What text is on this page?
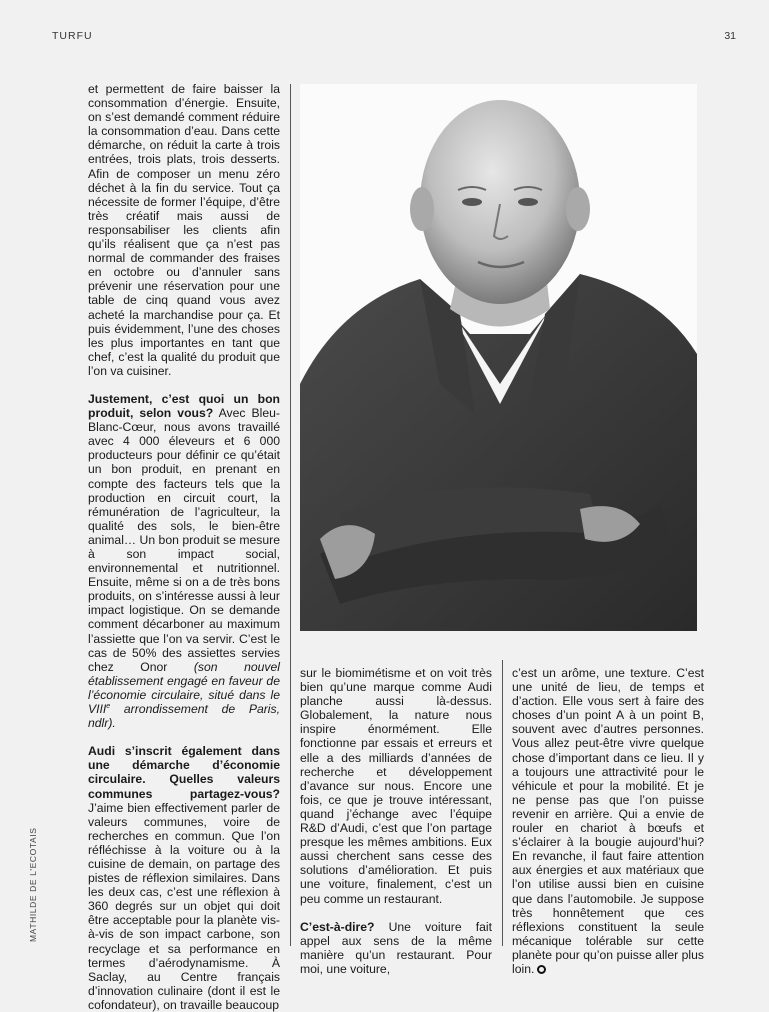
TURFU	31
MATHILDE DE L'ECOTAIS

et permettent de faire baisser la consommation d’énergie. Ensuite, on s’est demandé comment réduire la consommation d’eau. Dans cette démarche, on réduit la carte à trois entrées, trois plats, trois desserts. Afin de composer un menu zéro déchet à la fin du service. Tout ça nécessite de former l’équipe, d’être très créatif mais aussi de responsabiliser les clients afin qu’ils réalisent que ça n’est pas normal de commander des fraises en octobre ou d’annuler sans prévenir une réservation pour une table de cinq quand vous avez acheté la marchandise pour ça. Et puis évidemment, l’une des choses les plus importantes en tant que chef, c’est la qualité du produit que l’on va cuisiner.

Justement, c’est quoi un bon produit, selon vous? Avec Bleu-Blanc-Cœur, nous avons travaillé avec 4 000 éleveurs et 6 000 producteurs pour définir ce qu’était un bon produit, en prenant en compte des facteurs tels que la production en circuit court, la rémunération de l’agriculteur, la qualité des sols, le bien-être animal… Un bon produit se mesure à son impact social, environnemental et nutritionnel. Ensuite, même si on a de très bons produits, on s’intéresse aussi à leur impact logistique. On se demande comment décarboner au maximum l’assiette que l’on va servir. C’est le cas de 50% des assiettes servies chez Onor (son nouvel établissement engagé en faveur de l’économie circulaire, situé dans le VIIIe arrondissement de Paris, ndlr).

Audi s’inscrit également dans une démarche d’économie circulaire. Quelles valeurs communes partagez-vous? J’aime bien effectivement parler de valeurs communes, voire de recherches en commun. Que l’on réfléchisse à la voiture ou à la cuisine de demain, on partage des pistes de réflexion similaires. Dans les deux cas, c’est une réflexion à 360 degrés sur un objet qui doit être acceptable pour la planète vis-à-vis de son impact carbone, son recyclage et sa performance en termes d’aérodynamisme. À Saclay, au Centre français d’innovation culinaire (dont il est le cofondateur), on travaille beaucoup

sur le biomimétisme et on voit très bien qu’une marque comme Audi planche aussi là-dessus. Globalement, la nature nous inspire énormément. Elle fonctionne par essais et erreurs et elle a des milliards d’années de recherche et développement d’avance sur nous. Encore une fois, ce que je trouve intéressant, quand j’échange avec l’équipe R&D d’Audi, c’est que l’on partage presque les mêmes ambitions. Eux aussi cherchent sans cesse des solutions d’amélioration. Et puis une voiture, finalement, c’est un peu comme un restaurant.

C’est-à-dire? Une voiture fait appel aux sens de la même manière qu’un restaurant. Pour moi, une voiture,

c’est un arôme, une texture. C’est une unité de lieu, de temps et d’action. Elle vous sert à faire des choses d’un point A à un point B, souvent avec d’autres personnes. Vous allez peut-être vivre quelque chose d’important dans ce lieu. Il y a toujours une attractivité pour le véhicule et pour la mobilité. Et je ne pense pas que l’on puisse revenir en arrière. Qui a envie de rouler en chariot à bœufs et s’éclairer à la bougie aujourd’hui? En revanche, il faut faire attention aux énergies et aux matériaux que l’on utilise aussi bien en cuisine que dans l’automobile. Je suppose très honnêtement que ces réflexions constituent la seule mécanique tolérable sur cette planète pour qu’on puisse aller plus loin.
